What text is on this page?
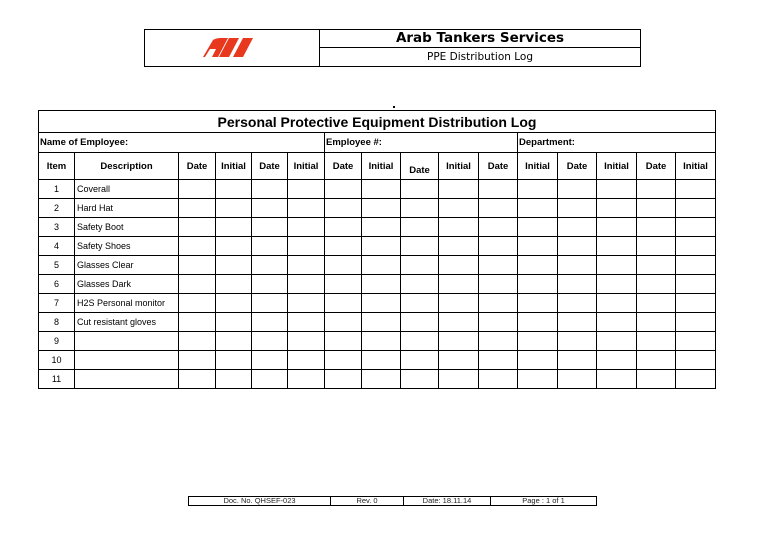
Arab Tankers Services
PPE Distribution Log
Personal Protective Equipment Distribution Log															
Name of Employee:						Employee #:					Department:				
Item	Description	Date	Initial	Date	Initial	Date	Initial	Date	Initial	Date	Initial	Date	Initial	Date	Initial
1	Coverall														
2	Hard Hat														
3	Safety Boot														
4	Safety Shoes														
5	Glasses Clear														
6	Glasses Dark														
7	H2S Personal monitor														
8	Cut resistant gloves														
9															
10															
11															
Doc. No. QHSEF-023	Rev. 0	Date: 18.11.14	Page : 1 of 1
